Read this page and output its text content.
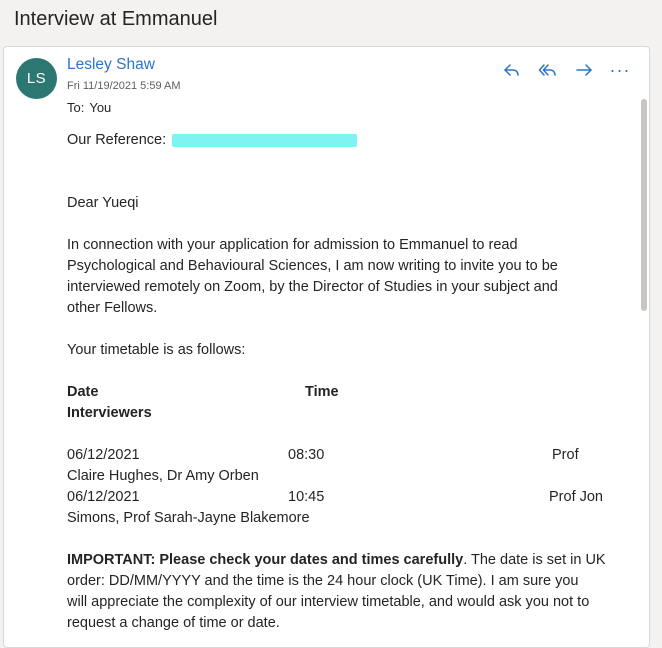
Interview at Emmanuel
LS
Lesley Shaw
Fri 11/19/2021 5:59 AM
To: You
···
Our Reference:
Dear Yueqi
In connection with your application for admission to Emmanuel to read
Psychological and Behavioural Sciences, I am now writing to invite you to be
interviewed remotely on Zoom, by the Director of Studies in your subject and
other Fellows.
Your timetable is as follows:
Date	Time
Interviewers
06/12/2021	08:30	Prof
Claire Hughes, Dr Amy Orben
06/12/2021	10:45	Prof Jon
Simons, Prof Sarah-Jayne Blakemore
IMPORTANT: Please check your dates and times carefully. The date is set in UK
order: DD/MM/YYYY and the time is the 24 hour clock (UK Time). I am sure you
will appreciate the complexity of our interview timetable, and would ask you not to
request a change of time or date.
